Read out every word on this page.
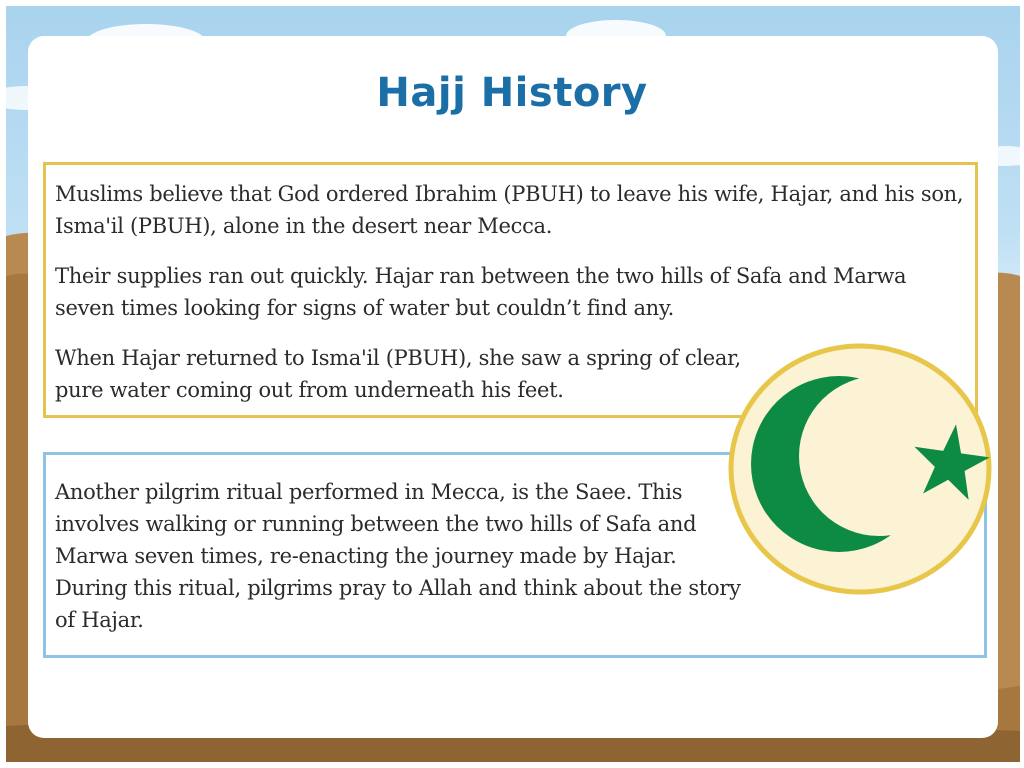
Hajj History

Muslims believe that God ordered Ibrahim (PBUH) to leave his wife, Hajar, and his son, Isma'il (PBUH), alone in the desert near Mecca.

Their supplies ran out quickly. Hajar ran between the two hills of Safa and Marwa seven times looking for signs of water but couldn’t find any.

When Hajar returned to Isma'il (PBUH), she saw a spring of clear, pure water coming out from underneath his feet.

Another pilgrim ritual performed in Mecca, is the Saee. This involves walking or running between the two hills of Safa and Marwa seven times, re-enacting the journey made by Hajar. During this ritual, pilgrims pray to Allah and think about the story of Hajar.
